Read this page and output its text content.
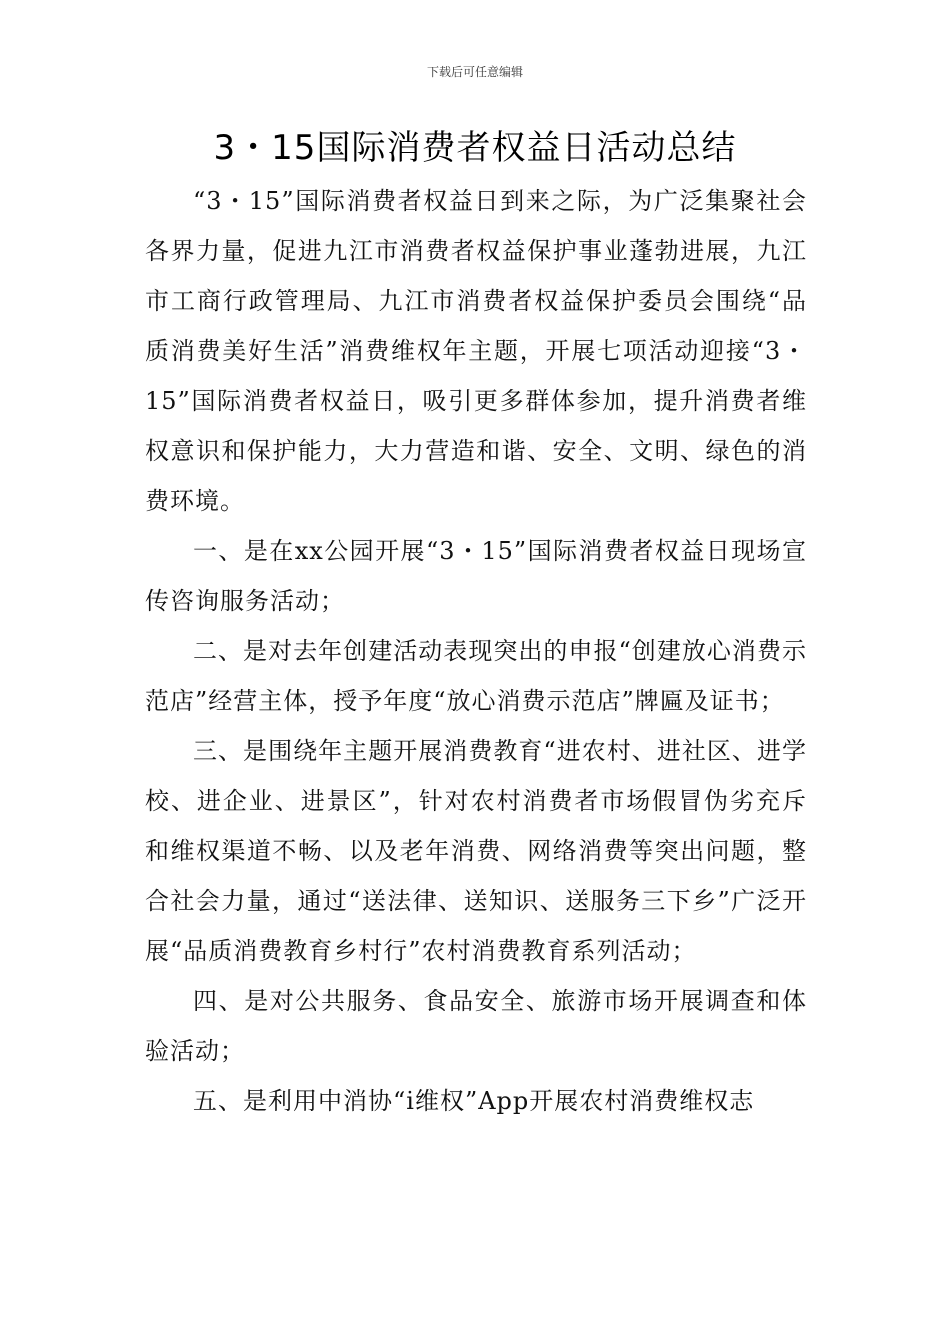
下载后可任意编辑
3・15国际消费者权益日活动总结

“3・15”国际消费者权益日到来之际，为广泛集聚社会各界力量，促进九江市消费者权益保护事业蓬勃进展，九江市工商行政管理局、九江市消费者权益保护委员会围绕“品质消费美好生活”消费维权年主题，开展七项活动迎接“3・15”国际消费者权益日，吸引更多群体参加，提升消费者维权意识和保护能力，大力营造和谐、安全、文明、绿色的消费环境。

一、是在xx公园开展“3・15”国际消费者权益日现场宣传咨询服务活动；

二、是对去年创建活动表现突出的申报“创建放心消费示范店”经营主体，授予年度“放心消费示范店”牌匾及证书；

三、是围绕年主题开展消费教育“进农村、进社区、进学校、进企业、进景区”，针对农村消费者市场假冒伪劣充斥和维权渠道不畅、以及老年消费、网络消费等突出问题，整合社会力量，通过“送法律、送知识、送服务三下乡”广泛开展“品质消费教育乡村行”农村消费教育系列活动；

四、是对公共服务、食品安全、旅游市场开展调查和体验活动；

五、是利用中消协“i维权”App开展农村消费维权志
